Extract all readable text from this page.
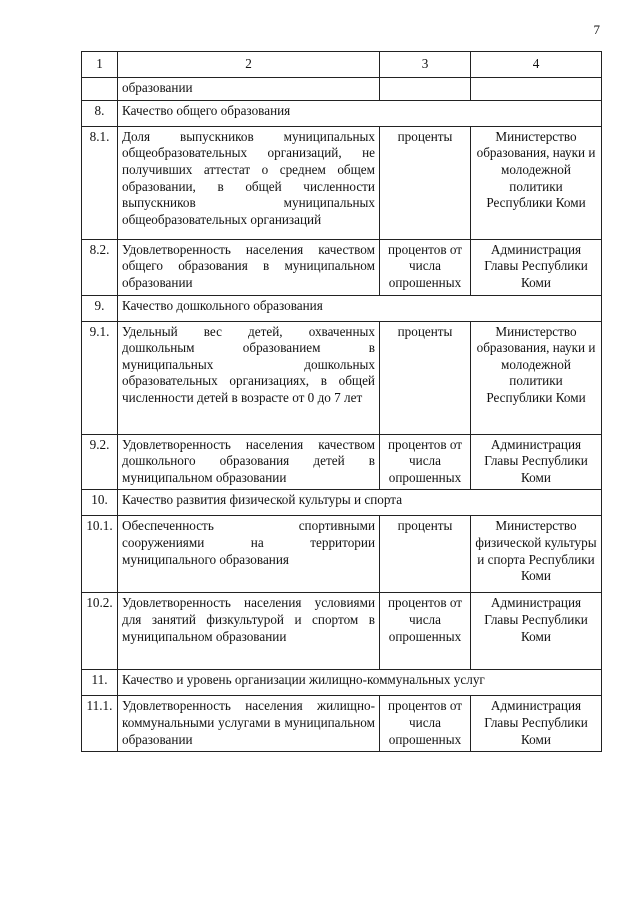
7
1	2	3	4
	образовании		
8.	Качество общего образования		
8.1.	Доля выпускников муниципальных общеобразовательных организаций, не получивших аттестат о среднем общем образовании, в общей численности выпускников муниципальных общеобразовательных организаций	проценты	Министерство образования, науки и молодежной политики Республики Коми
8.2.	Удовлетворенность населения качеством общего образования в муниципальном образовании	процентов от числа опрошенных	Администрация Главы Республики Коми
9.	Качество дошкольного образования		
9.1.	Удельный вес детей, охваченных дошкольным образованием в муниципальных дошкольных образовательных организациях, в общей численности детей в возрасте от 0 до 7 лет	проценты	Министерство образования, науки и молодежной политики Республики Коми
9.2.	Удовлетворенность населения качеством дошкольного образования детей в муниципальном образовании	процентов от числа опрошенных	Администрация Главы Республики Коми
10.	Качество развития физической культуры и спорта		
10.1.	Обеспеченность спортивными сооружениями на территории муниципального образования	проценты	Министерство физической культуры и спорта Республики Коми
10.2.	Удовлетворенность населения условиями для занятий физкультурой и спортом в муниципальном образовании	процентов от числа опрошенных	Администрация Главы Республики Коми
11.	Качество и уровень организации жилищно-коммунальных услуг		
11.1.	Удовлетворенность населения жилищно-коммунальными услугами в муниципальном образовании	процентов от числа опрошенных	Администрация Главы Республики Коми
